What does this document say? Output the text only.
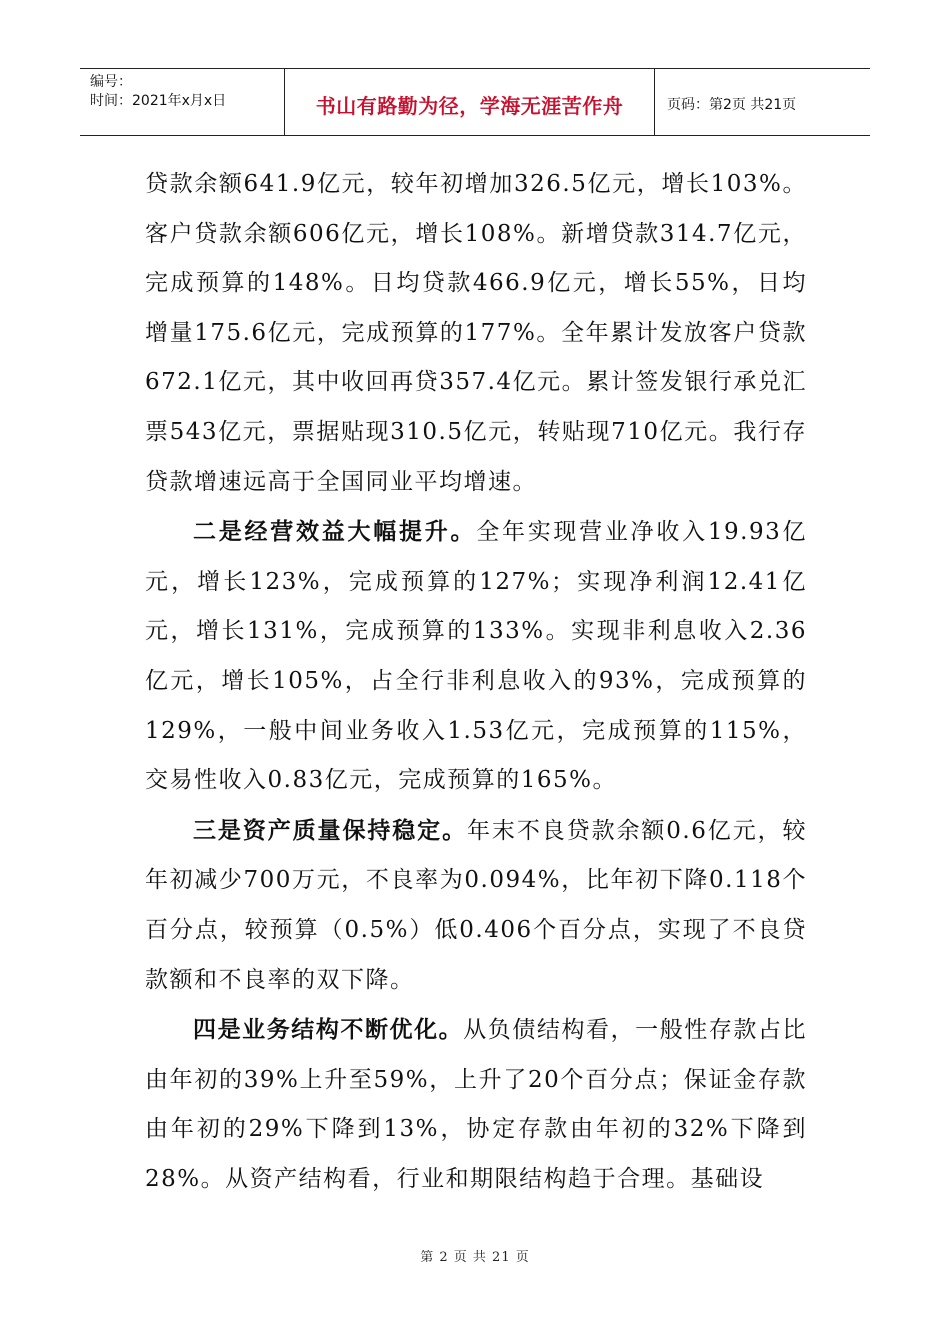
编号：
时间：2021年x月x日	书山有路勤为径，学海无涯苦作舟	页码：第2页 共21页

贷款余额641.9亿元，较年初增加326.5亿元，增长103%。客户贷款余额606亿元，增长108%。新增贷款314.7亿元，完成预算的148%。日均贷款466.9亿元，增长55%，日均增量175.6亿元，完成预算的177%。全年累计发放客户贷款672.1亿元，其中收回再贷357.4亿元。累计签发银行承兑汇票543亿元，票据贴现310.5亿元，转贴现710亿元。我行存贷款增速远高于全国同业平均增速。

二是经营效益大幅提升。全年实现营业净收入19.93亿元，增长123%，完成预算的127%；实现净利润12.41亿元，增长131%，完成预算的133%。实现非利息收入2.36亿元，增长105%，占全行非利息收入的93%，完成预算的129%，一般中间业务收入1.53亿元，完成预算的115%，交易性收入0.83亿元，完成预算的165%。

三是资产质量保持稳定。年末不良贷款余额0.6亿元，较年初减少700万元，不良率为0.094%，比年初下降0.118个百分点，较预算（0.5%）低0.406个百分点，实现了不良贷款额和不良率的双下降。

四是业务结构不断优化。从负债结构看，一般性存款占比由年初的39%上升至59%，上升了20个百分点；保证金存款由年初的29%下降到13%，协定存款由年初的32%下降到28%。从资产结构看，行业和期限结构趋于合理。基础设

第 2 页 共 21 页
